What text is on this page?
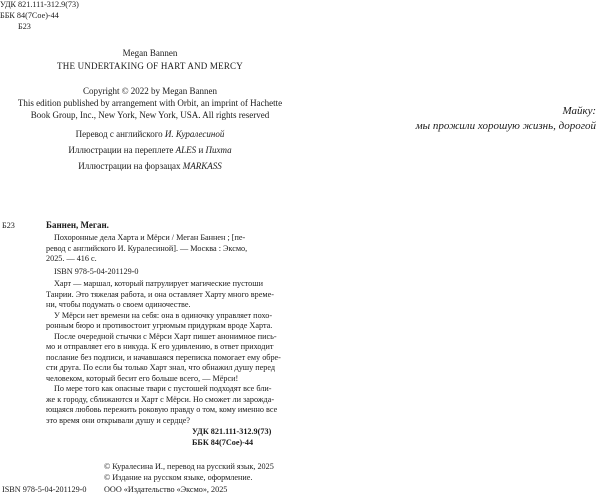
УДК 821.111-312.9(73)
ББК 84(7Сое)-44
Б23
Megan Bannen
THE UNDERTAKING OF HART AND MERCY
Copyright © 2022 by Megan Bannen
This edition published by arrangement with Orbit, an imprint of Hachette
Book Group, Inc., New York, New York, USA. All rights reserved
Перевод с английского И. Куралесиной
Иллюстрации на переплете ALES и Пихта
Иллюстрации на форзацах MARKASS
Б23	Баннен, Меган.
Похоронные дела Харта и Мёрси / Меган Баннен ; [пе-
ревод с английского И. Куралесиной]. — Москва : Эксмо,
2025. — 416 с.
ISBN 978-5-04-201129-0
Харт — маршал, который патрулирует магические пустоши
Танрии. Это тяжелая работа, и она оставляет Харту много време-
ни, чтобы подумать о своем одиночестве.
У Мёрси нет времени на себя: она в одиночку управляет похо-
ронным бюро и противостоит угрюмым придуркам вроде Харта.
После очередной стычки с Мёрси Харт пишет анонимное пись-
мо и отправляет его в никуда. К его удивлению, в ответ приходит
послание без подписи, и начавшаяся переписка помогает ему обре-
сти друга. По если бы только Харт знал, что обнажил душу перед
человеком, который бесит его больше всего, — Мёрси!
По мере того как опасные твари с пустошей подходят все бли-
же к городу, сближаются и Харт с Мёрси. Но сможет ли зарожда-
ющаяся любовь пережить роковую правду о том, кому именно все
это время они открывали душу и сердце?
УДК 821.111-312.9(73)
ББК 84(7Сое)-44
© Куралесина И., перевод на русский язык, 2025
© Издание на русском языке, оформление.
ISBN 978-5-04-201129-0 ООО «Издательство «Эксмо», 2025
Майку:
мы прожили хорошую жизнь, дорогой
